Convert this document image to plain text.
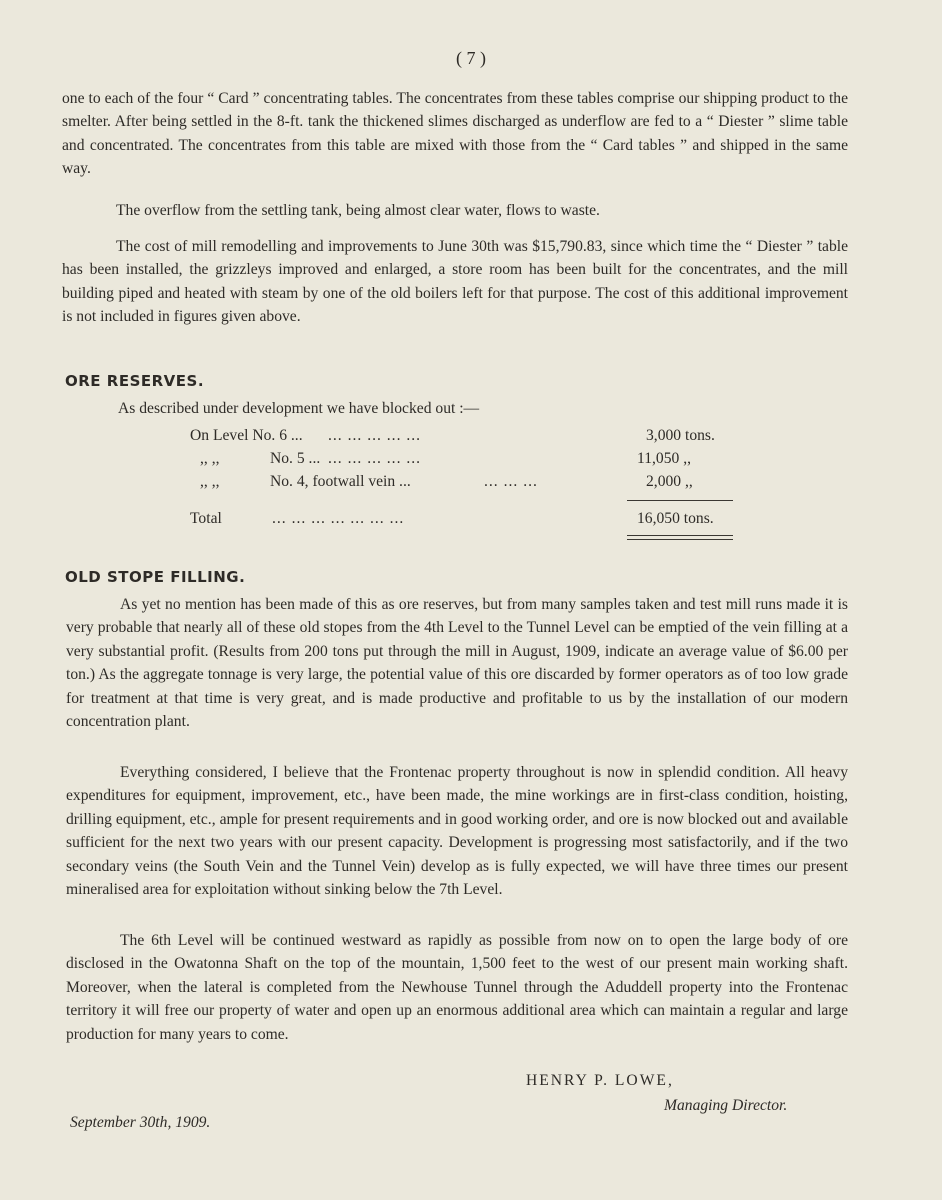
( 7 )

one to each of the four “ Card ” concentrating tables. The concentrates from these tables comprise our shipping product to the smelter. After being settled in the 8-ft. tank the thickened slimes discharged as underflow are fed to a “ Diester ” slime table and concentrated. The concentrates from this table are mixed with those from the “ Card tables ” and shipped in the same way.

The overflow from the settling tank, being almost clear water, flows to waste.

The cost of mill remodelling and improvements to June 30th was $15,790.83, since which time the “ Diester ” table has been installed, the grizzleys improved and enlarged, a store room has been built for the concentrates, and the mill building piped and heated with steam by one of the old boilers left for that purpose. The cost of this additional improvement is not included in figures given above.

ORE RESERVES.
As described under development we have blocked out :—
On Level No. 6 ... ... ... ... ... ...	3,000 tons.
,, ,,	No. 5 ... ... ... ... ... ...	11,050 ,,
,, ,,	No. 4, footwall vein ...	... ... ...	2,000 ,,
Total	... ... ... ... ... ... ...	16,050 tons.
OLD STOPE FILLING.

As yet no mention has been made of this as ore reserves, but from many samples taken and test mill runs made it is very probable that nearly all of these old stopes from the 4th Level to the Tunnel Level can be emptied of the vein filling at a very substantial profit. (Results from 200 tons put through the mill in August, 1909, indicate an average value of $6.00 per ton.) As the aggregate tonnage is very large, the potential value of this ore discarded by former operators as of too low grade for treatment at that time is very great, and is made productive and profitable to us by the installation of our modern concentration plant.

Everything considered, I believe that the Frontenac property throughout is now in splendid condition. All heavy expenditures for equipment, improvement, etc., have been made, the mine workings are in first-class condition, hoisting, drilling equipment, etc., ample for present requirements and in good working order, and ore is now blocked out and available sufficient for the next two years with our present capacity. Development is progressing most satisfactorily, and if the two secondary veins (the South Vein and the Tunnel Vein) develop as is fully expected, we will have three times our present mineralised area for exploitation without sinking below the 7th Level.

The 6th Level will be continued westward as rapidly as possible from now on to open the large body of ore disclosed in the Owatonna Shaft on the top of the mountain, 1,500 feet to the west of our present main working shaft. Moreover, when the lateral is completed from the Newhouse Tunnel through the Aduddell property into the Frontenac territory it will free our property of water and open up an enormous additional area which can maintain a regular and large production for many years to come.

HENRY P. LOWE,
Managing Director.
September 30th, 1909.
